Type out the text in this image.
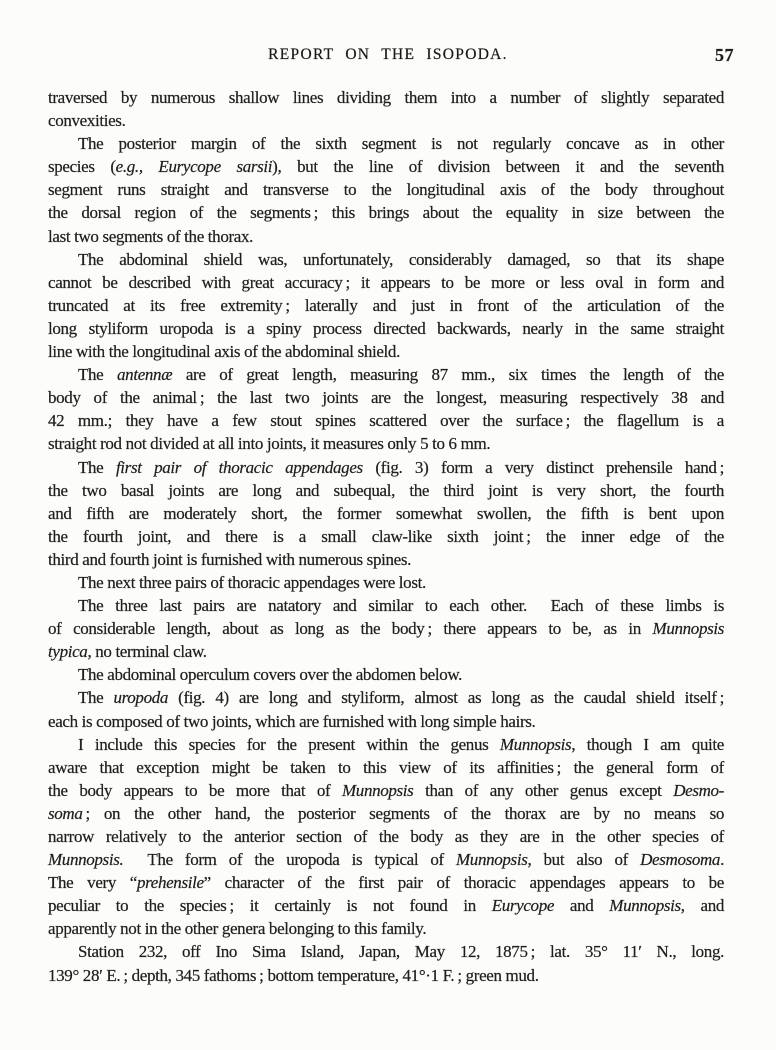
REPORT ON THE ISOPODA.	57
traversed by numerous shallow lines dividing them into a number of slightly separated
convexities.
The posterior margin of the sixth segment is not regularly concave as in other
species (e.g., Eurycope sarsii), but the line of division between it and the seventh
segment runs straight and transverse to the longitudinal axis of the body throughout
the dorsal region of the segments ; this brings about the equality in size between the
last two segments of the thorax.
The abdominal shield was, unfortunately, considerably damaged, so that its shape
cannot be described with great accuracy ; it appears to be more or less oval in form and
truncated at its free extremity ; laterally and just in front of the articulation of the
long styliform uropoda is a spiny process directed backwards, nearly in the same straight
line with the longitudinal axis of the abdominal shield.
The antennæ are of great length, measuring 87 mm., six times the length of the
body of the animal ; the last two joints are the longest, measuring respectively 38 and
42 mm.; they have a few stout spines scattered over the surface ; the flagellum is a
straight rod not divided at all into joints, it measures only 5 to 6 mm.
The first pair of thoracic appendages (fig. 3) form a very distinct prehensile hand ;
the two basal joints are long and subequal, the third joint is very short, the fourth
and fifth are moderately short, the former somewhat swollen, the fifth is bent upon
the fourth joint, and there is a small claw-like sixth joint ; the inner edge of the
third and fourth joint is furnished with numerous spines.
The next three pairs of thoracic appendages were lost.
The three last pairs are natatory and similar to each other.  Each of these limbs is
of considerable length, about as long as the body ; there appears to be, as in Munnopsis
typica, no terminal claw.
The abdominal operculum covers over the abdomen below.
The uropoda (fig. 4) are long and styliform, almost as long as the caudal shield itself ;
each is composed of two joints, which are furnished with long simple hairs.
I include this species for the present within the genus Munnopsis, though I am quite
aware that exception might be taken to this view of its affinities ; the general form of
the body appears to be more that of Munnopsis than of any other genus except Desmo-
soma ; on the other hand, the posterior segments of the thorax are by no means so
narrow relatively to the anterior section of the body as they are in the other species of
Munnopsis.  The form of the uropoda is typical of Munnopsis, but also of Desmosoma.
The very “prehensile” character of the first pair of thoracic appendages appears to be
peculiar to the species ; it certainly is not found in Eurycope and Munnopsis, and
apparently not in the other genera belonging to this family.
Station 232, off Ino Sima Island, Japan, May 12, 1875 ; lat. 35° 11′ N., long.
139° 28′ E. ; depth, 345 fathoms ; bottom temperature, 41°·1 F. ; green mud.
